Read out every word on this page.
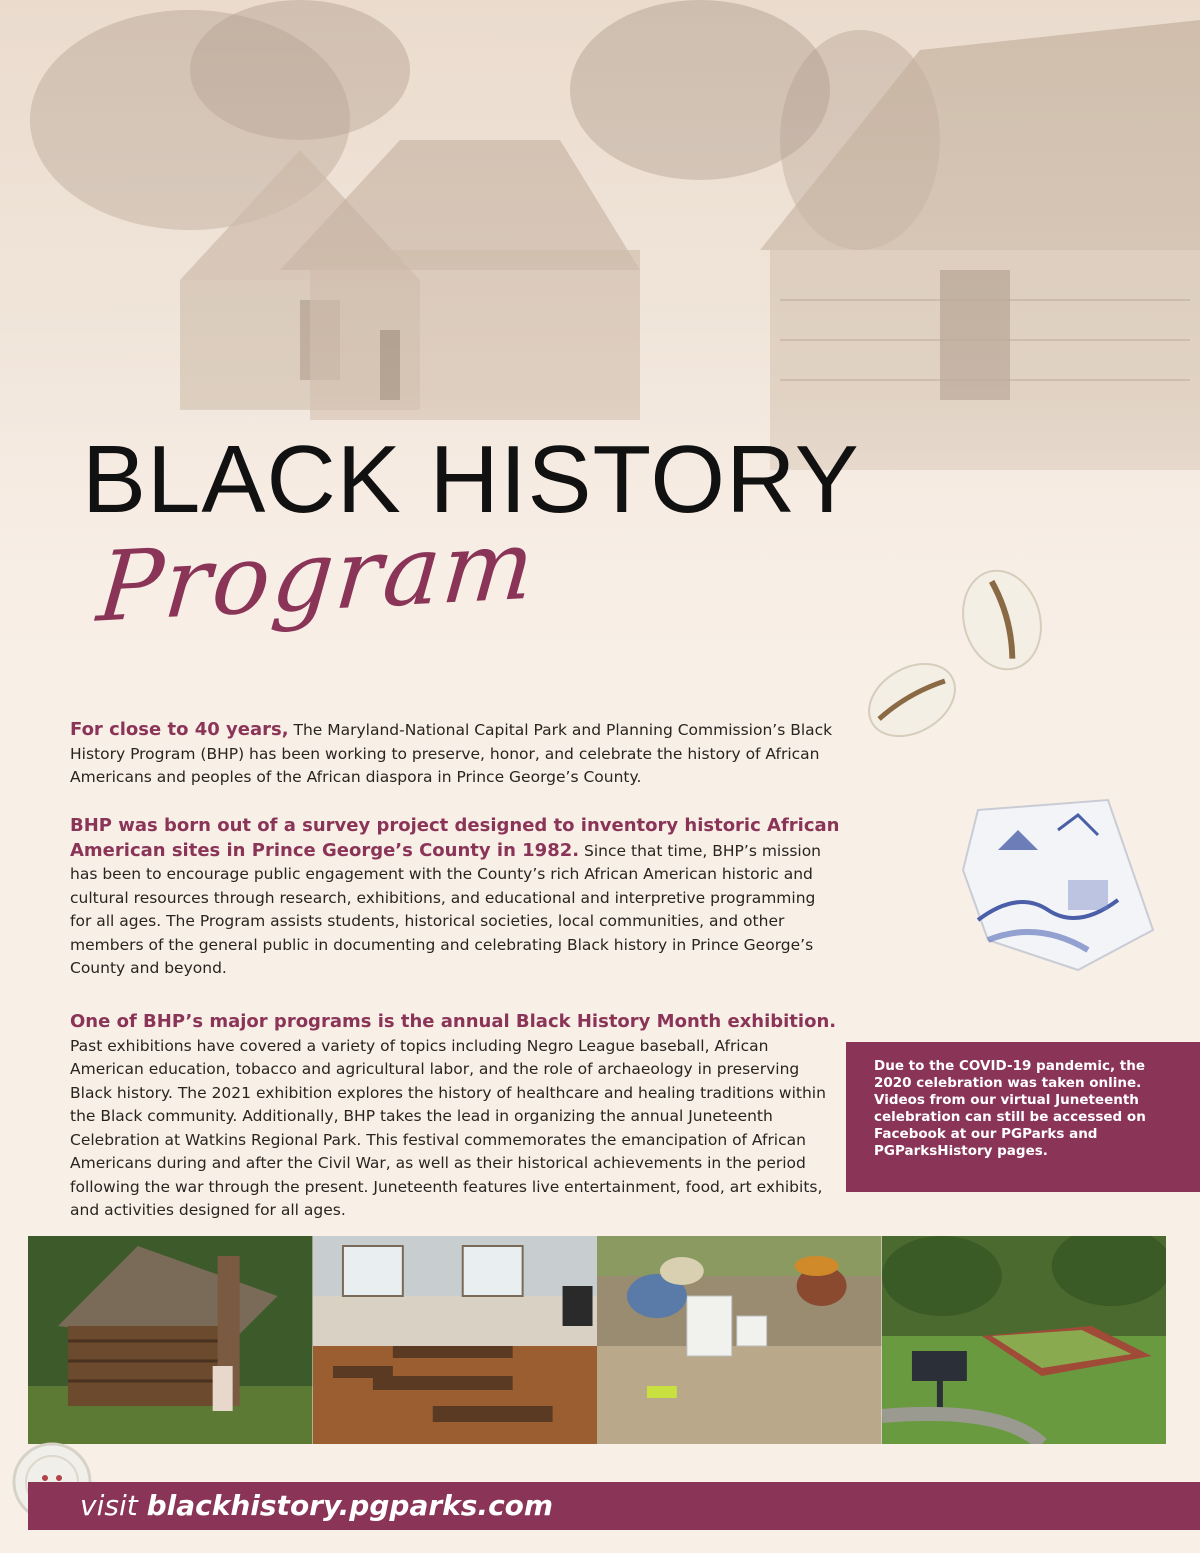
BLACK HISTORY
Program
For close to 40 years, The Maryland-National Capital Park and Planning Commission’s Black History Program (BHP) has been working to preserve, honor, and celebrate the history of African Americans and peoples of the African diaspora in Prince George’s County.
BHP was born out of a survey project designed to inventory historic African American sites in Prince George’s County in 1982. Since that time, BHP’s mission has been to encourage public engagement with the County’s rich African American historic and cultural resources through research, exhibitions, and educational and interpretive programming for all ages. The Program assists students, historical societies, local communities, and other members of the general public in documenting and celebrating Black history in Prince George’s County and beyond.
One of BHP’s major programs is the annual Black History Month exhibition. Past exhibitions have covered a variety of topics including Negro League baseball, African American education, tobacco and agricultural labor, and the role of archaeology in preserving Black history. The 2021 exhibition explores the history of healthcare and healing traditions within the Black community. Additionally, BHP takes the lead in organizing the annual Juneteenth Celebration at Watkins Regional Park. This festival commemorates the emancipation of African Americans during and after the Civil War, as well as their historical achievements in the period following the war through the present. Juneteenth features live entertainment, food, art exhibits, and activities designed for all ages.
Due to the COVID-19 pandemic, the 2020 celebration was taken online. Videos from our virtual Juneteenth celebration can still be accessed on Facebook at our PGParks and PGParksHistory pages.
visit blackhistory.pgparks.com
